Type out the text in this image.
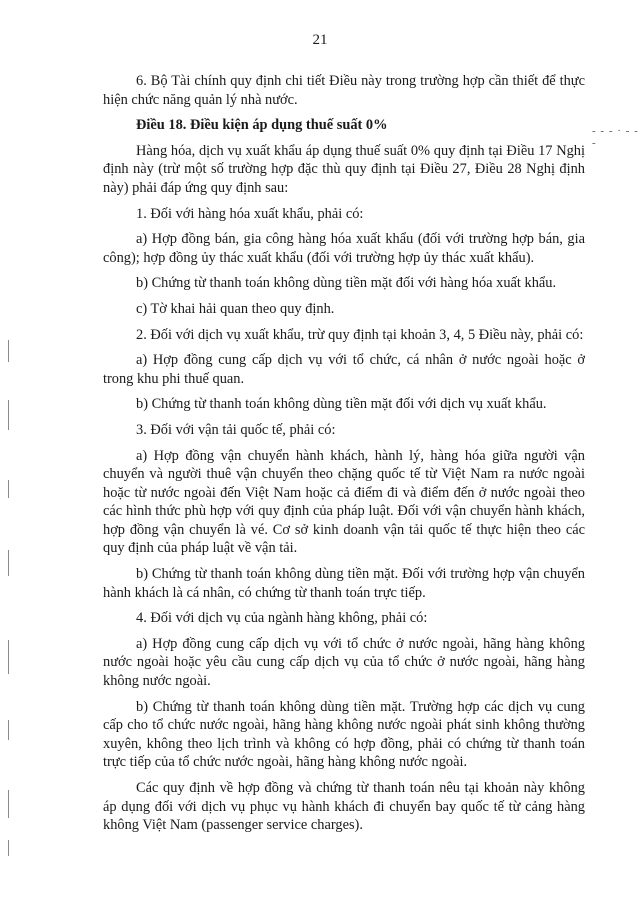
21
- - - · - - -

6. Bộ Tài chính quy định chi tiết Điều này trong trường hợp cần thiết để thực hiện chức năng quản lý nhà nước.

Điều 18. Điều kiện áp dụng thuế suất 0%

Hàng hóa, dịch vụ xuất khẩu áp dụng thuế suất 0% quy định tại Điều 17 Nghị định này (trừ một số trường hợp đặc thù quy định tại Điều 27, Điều 28 Nghị định này) phải đáp ứng quy định sau:

1. Đối với hàng hóa xuất khẩu, phải có:

a) Hợp đồng bán, gia công hàng hóa xuất khẩu (đối với trường hợp bán, gia công); hợp đồng ủy thác xuất khẩu (đối với trường hợp ủy thác xuất khẩu).

b) Chứng từ thanh toán không dùng tiền mặt đối với hàng hóa xuất khẩu.

c) Tờ khai hải quan theo quy định.

2. Đối với dịch vụ xuất khẩu, trừ quy định tại khoản 3, 4, 5 Điều này, phải có:

a) Hợp đồng cung cấp dịch vụ với tổ chức, cá nhân ở nước ngoài hoặc ở trong khu phi thuế quan.

b) Chứng từ thanh toán không dùng tiền mặt đối với dịch vụ xuất khẩu.

3. Đối với vận tải quốc tế, phải có:

a) Hợp đồng vận chuyển hành khách, hành lý, hàng hóa giữa người vận chuyển và người thuê vận chuyển theo chặng quốc tế từ Việt Nam ra nước ngoài hoặc từ nước ngoài đến Việt Nam hoặc cả điểm đi và điểm đến ở nước ngoài theo các hình thức phù hợp với quy định của pháp luật. Đối với vận chuyển hành khách, hợp đồng vận chuyển là vé. Cơ sở kinh doanh vận tải quốc tế thực hiện theo các quy định của pháp luật về vận tải.

b) Chứng từ thanh toán không dùng tiền mặt. Đối với trường hợp vận chuyển hành khách là cá nhân, có chứng từ thanh toán trực tiếp.

4. Đối với dịch vụ của ngành hàng không, phải có:

a) Hợp đồng cung cấp dịch vụ với tổ chức ở nước ngoài, hãng hàng không nước ngoài hoặc yêu cầu cung cấp dịch vụ của tổ chức ở nước ngoài, hãng hàng không nước ngoài.

b) Chứng từ thanh toán không dùng tiền mặt. Trường hợp các dịch vụ cung cấp cho tổ chức nước ngoài, hãng hàng không nước ngoài phát sinh không thường xuyên, không theo lịch trình và không có hợp đồng, phải có chứng từ thanh toán trực tiếp của tổ chức nước ngoài, hãng hàng không nước ngoài.

Các quy định về hợp đồng và chứng từ thanh toán nêu tại khoản này không áp dụng đối với dịch vụ phục vụ hành khách đi chuyển bay quốc tế từ cảng hàng không Việt Nam (passenger service charges).
